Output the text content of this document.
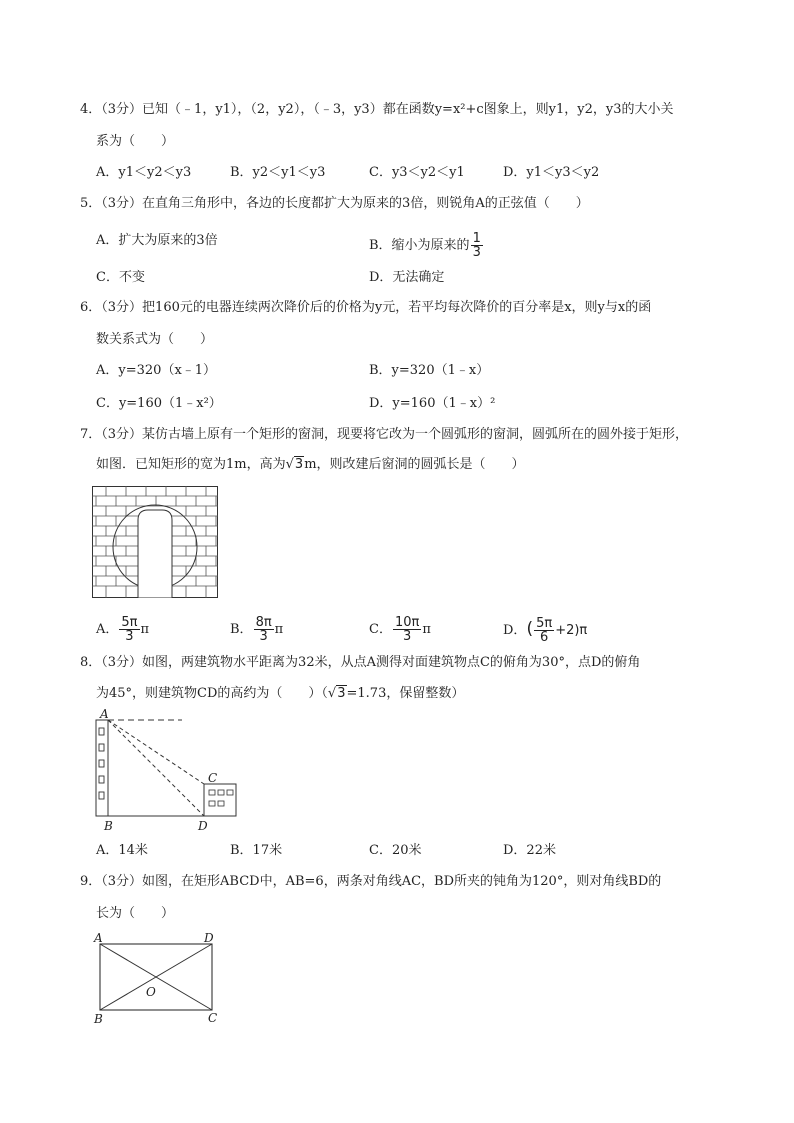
4．（3分）已知（﹣1，y1），（2，y2），（﹣3，y3）都在函数y=x²+c图象上，则y1，y2，y3的大小关
系为（　　）
A．y1＜y2＜y3	B．y2＜y1＜y3	C．y3＜y2＜y1	D．y1＜y3＜y2
5．（3分）在直角三角形中，各边的长度都扩大为原来的3倍，则锐角A的正弦值（　　）
A．扩大为原来的3倍	B．缩小为原来的 $\frac{1}{3}$
C．不变	D．无法确定
6．（3分）把160元的电器连续两次降价后的价格为y元，若平均每次降价的百分率是x，则y与x的函
数关系式为（　　）
A．y=320（x﹣1）	B．y=320（1﹣x）
C．y=160（1﹣x²）	D．y=160（1﹣x）²
7．（3分）某仿古墙上原有一个矩形的窗洞，现要将它改为一个圆弧形的窗洞，圆弧所在的圆外接于矩形，
如图．已知矩形的宽为1m，高为√3m，则改建后窗洞的圆弧长是（　　）
A． $\frac{5\pi}{3}$ π	B． $\frac{8\pi}{3}$ π	C． $\frac{10\pi}{3}$ π	D．( $\frac{5\pi}{6} +2)\pi$
8．（3分）如图，两建筑物水平距离为32米，从点A测得对面建筑物点C的俯角为30°，点D的俯角
为45°，则建筑物CD的高约为（　　）（√3=1.73，保留整数）
A
B
C
D
A．14米	B．17米	C．20米	D．22米
9．（3分）如图，在矩形ABCD中，AB=6，两条对角线AC，BD所夹的钝角为120°，则对角线BD的
长为（　　）
A	D
B	C
O
